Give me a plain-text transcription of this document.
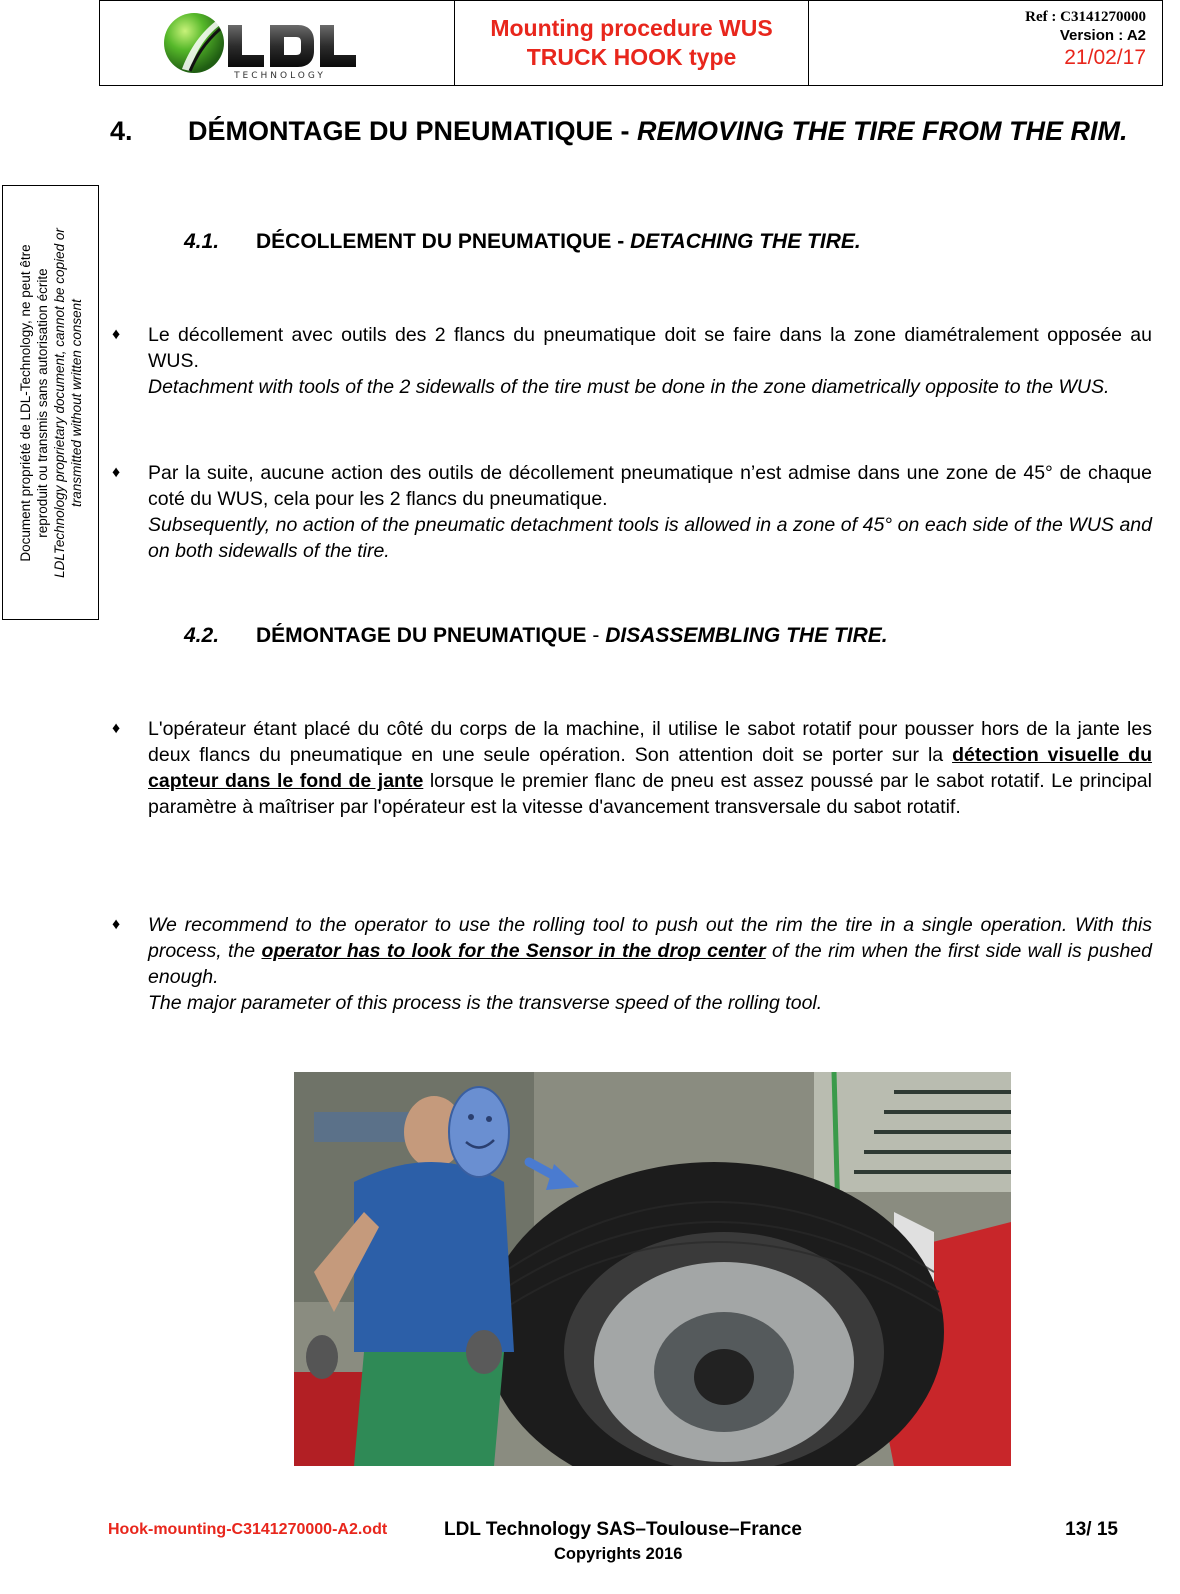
TECHNOLOGY
Mounting procedure WUS
TRUCK HOOK type
Ref : C3141270000
Version : A2
21/02/17
Document propriété de LDL-Technology, ne peut être reproduit ou transmis sans autorisation écrite LDLTechnology proprietary document, cannot be copied or transmitted without written consent
4. DÉMONTAGE DU PNEUMATIQUE - REMOVING THE TIRE FROM THE RIM.
4.1. DÉCOLLEMENT DU PNEUMATIQUE - DETACHING THE TIRE.
♦ Le décollement avec outils des 2 flancs du pneumatique doit se faire dans la zone diamétralement opposée au WUS.

Detachment with tools of the 2 sidewalls of the tire must be done in the zone diametrically opposite to the WUS.

♦ Par la suite, aucune action des outils de décollement pneumatique n’est admise dans une zone de 45° de chaque coté du WUS, cela pour les 2 flancs du pneumatique.

Subsequently, no action of the pneumatic detachment tools is allowed in a zone of 45° on each side of the WUS and on both sidewalls of the tire.

4.2. DÉMONTAGE DU PNEUMATIQUE - DISASSEMBLING THE TIRE.
♦ L'opérateur étant placé du côté du corps de la machine, il utilise le sabot rotatif pour pousser hors de la jante les deux flancs du pneumatique en une seule opération. Son attention doit se porter sur la détection visuelle du capteur dans le fond de jante lorsque le premier flanc de pneu est assez poussé par le sabot rotatif. Le principal paramètre à maîtriser par l'opérateur est la vitesse d'avancement transversale du sabot rotatif.

♦ We recommend to the operator to use the rolling tool to push out the rim the tire in a single operation. With this process, the operator has to look for the Sensor in the drop center of the rim when the first side wall is pushed enough.

The major parameter of this process is the transverse speed of the rolling tool.

Hook-mounting-C3141270000-A2.odt	LDL Technology SAS–Toulouse–France	13/ 15
Copyrights 2016
